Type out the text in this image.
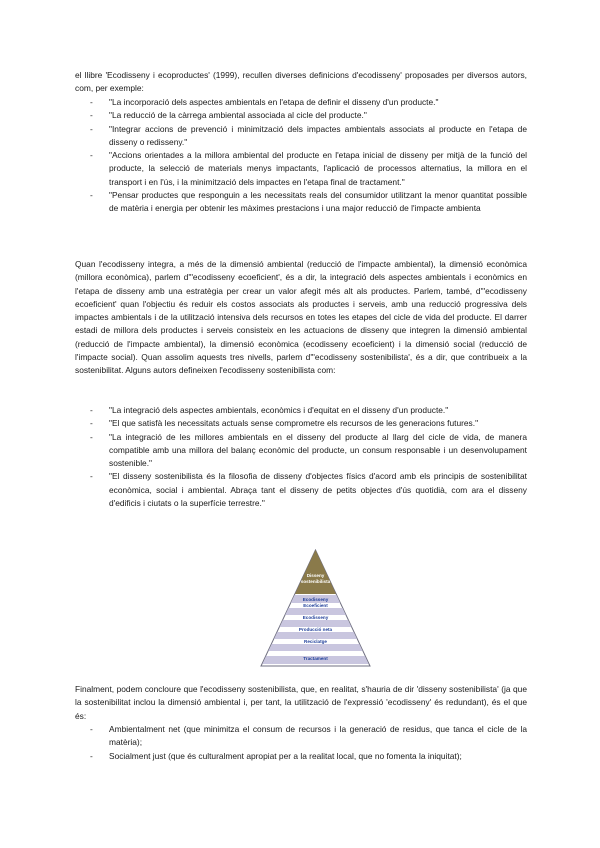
el llibre 'Ecodisseny i ecoproductes' (1999), recullen diverses definicions d'ecodisseny' proposades per diversos autors, com, per exemple:
- "La incorporació dels aspectes ambientals en l'etapa de definir el disseny d'un producte."
- "La reducció de la càrrega ambiental associada al cicle del producte."
- "Integrar accions de prevenció i minimització dels impactes ambientals associats al producte en l'etapa de disseny o redisseny."
- "Accions orientades a la millora ambiental del producte en l'etapa inicial de disseny per mitjà de la funció del producte, la selecció de materials menys impactants, l'aplicació de processos alternatius, la millora en el transport i en l'ús, i la minimització dels impactes en l'etapa final de tractament."
- "Pensar productes que responguin a les necessitats reals del consumidor utilitzant la menor quantitat possible de matèria i energia per obtenir les màximes prestacions i una major reducció de l'impacte ambienta
Quan l'ecodisseny integra, a més de la dimensió ambiental (reducció de l'impacte ambiental), la dimensió econòmica (millora econòmica), parlem d'"ecodisseny ecoeficient', és a dir, la integració dels aspectes ambientals i econòmics en l'etapa de disseny amb una estratègia per crear un valor afegit més alt als productes. Parlem, també, d'"ecodisseny ecoeficient' quan l'objectiu és reduir els costos associats als productes i serveis, amb una reducció progressiva dels impactes ambientals i de la utilització intensiva dels recursos en totes les etapes del cicle de vida del producte. El darrer estadi de millora dels productes i serveis consisteix en les actuacions de disseny que integren la dimensió ambiental (reducció de l'impacte ambiental), la dimensió econòmica (ecodisseny ecoeficient) i la dimensió social (reducció de l'impacte social). Quan assolim aquests tres nivells, parlem d'"ecodisseny sostenibilista', és a dir, que contribueix a la sostenibilitat. Alguns autors defineixen l'ecodisseny sostenibilista com:
- "La integració dels aspectes ambientals, econòmics i d'equitat en el disseny d'un producte."
- "El que satisfà les necessitats actuals sense comprometre els recursos de les generacions futures."
- "La integració de les millores ambientals en el disseny del producte al llarg del cicle de vida, de manera compatible amb una millora del balanç econòmic del producte, un consum responsable i un desenvolupament sostenible."
- "El disseny sostenibilista és la filosofia de disseny d'objectes físics d'acord amb els principis de sostenibilitat econòmica, social i ambiental. Abraça tant el disseny de petits objectes d'ús quotidià, com ara el disseny d'edificis i ciutats o la superfície terrestre."
Disseny
sostenibilista
Ecodisseny
Ecoeficient
Ecodisseny
Producció neta
Reciclatge
Tractament
Finalment, podem concloure que l'ecodisseny sostenibilista, que, en realitat, s'hauria de dir 'disseny sostenibilista' (ja que la sostenibilitat inclou la dimensió ambiental i, per tant, la utilització de l'expressió 'ecodisseny' és redundant), és el que és:
- Ambientalment net (que minimitza el consum de recursos i la generació de residus, que tanca el cicle de la matèria);
- Socialment just (que és culturalment apropiat per a la realitat local, que no fomenta la iniquitat);
